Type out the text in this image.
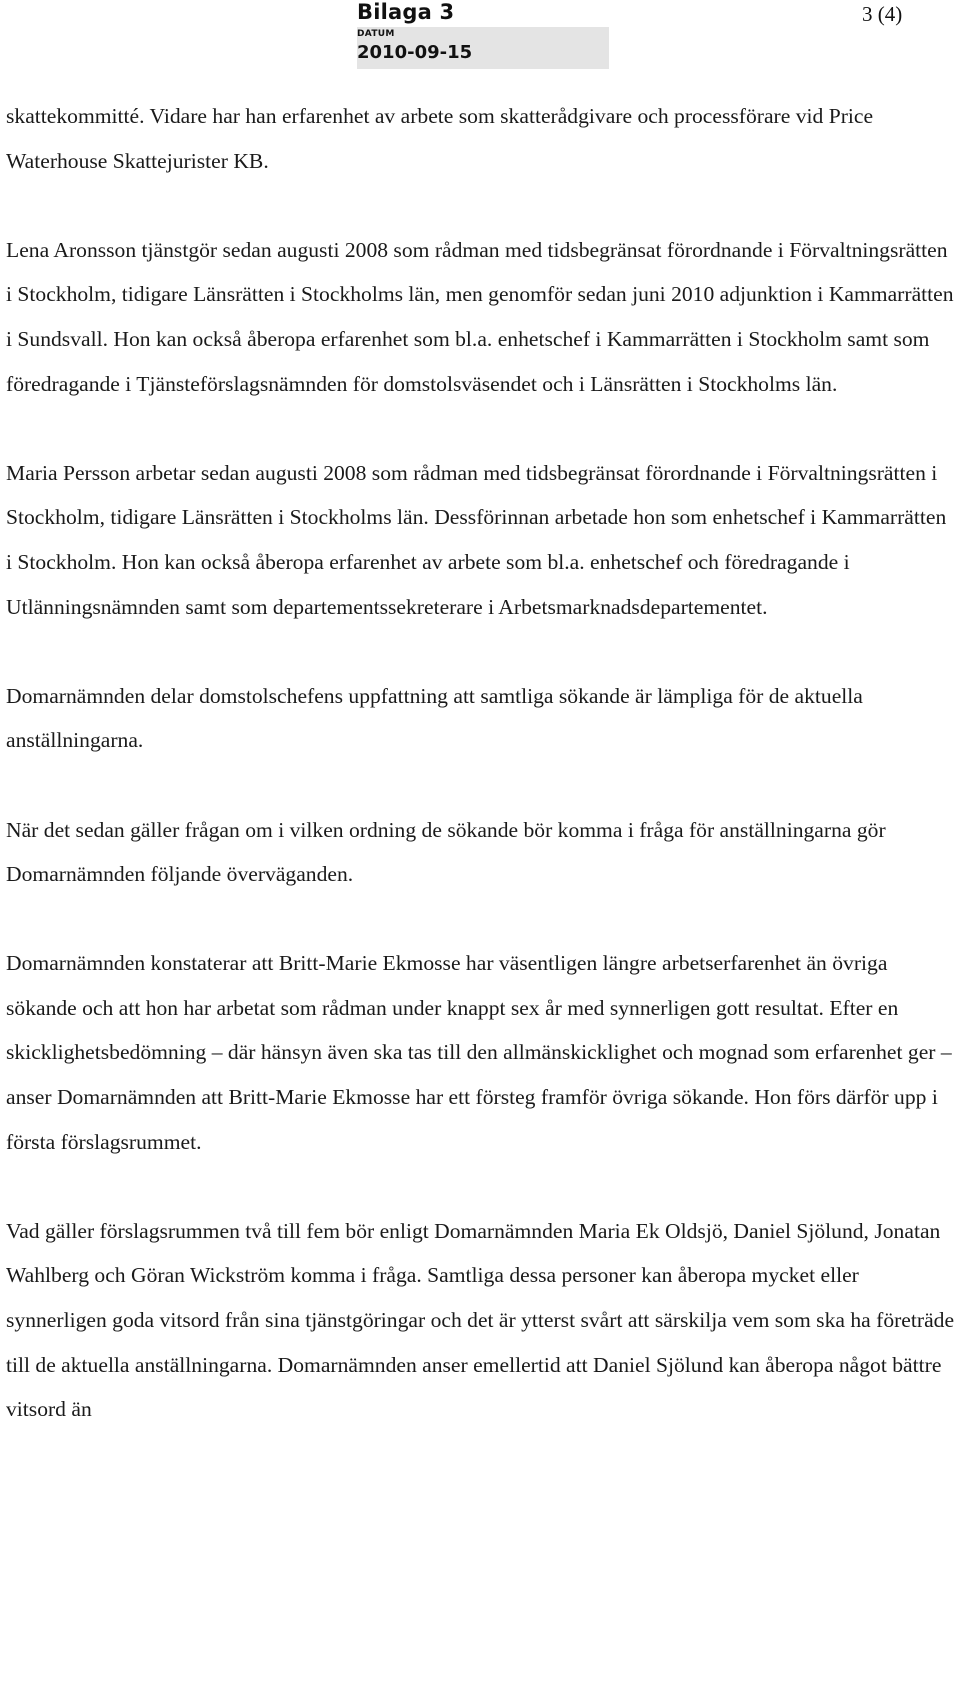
Bilaga 3	3 (4)
DATUM
2010-09-15

skattekommitté. Vidare har han erfarenhet av arbete som skatterådgivare och processförare vid Price Waterhouse Skattejurister KB.

Lena Aronsson tjänstgör sedan augusti 2008 som rådman med tidsbegränsat förordnande i Förvaltningsrätten i Stockholm, tidigare Länsrätten i Stockholms län, men genomför sedan juni 2010 adjunktion i Kammarrätten i Sundsvall. Hon kan också åberopa erfarenhet som bl.a. enhetschef i Kammarrätten i Stockholm samt som föredragande i Tjänsteförslagsnämnden för domstolsväsendet och i Länsrätten i Stockholms län.

Maria Persson arbetar sedan augusti 2008 som rådman med tidsbegränsat förordnande i Förvaltningsrätten i Stockholm, tidigare Länsrätten i Stockholms län. Dessförinnan arbetade hon som enhetschef i Kammarrätten i Stockholm. Hon kan också åberopa erfarenhet av arbete som bl.a. enhetschef och föredragande i Utlänningsnämnden samt som departementssekreterare i Arbetsmarknadsdepartementet.

Domarnämnden delar domstolschefens uppfattning att samtliga sökande är lämpliga för de aktuella anställningarna.

När det sedan gäller frågan om i vilken ordning de sökande bör komma i fråga för anställningarna gör Domarnämnden följande överväganden.

Domarnämnden konstaterar att Britt-Marie Ekmosse har väsentligen längre arbetserfarenhet än övriga sökande och att hon har arbetat som rådman under knappt sex år med synnerligen gott resultat. Efter en skicklighetsbedömning – där hänsyn även ska tas till den allmänskicklighet och mognad som erfarenhet ger – anser Domarnämnden att Britt-Marie Ekmosse har ett försteg framför övriga sökande. Hon förs därför upp i första förslagsrummet.

Vad gäller förslagsrummen två till fem bör enligt Domarnämnden Maria Ek Oldsjö, Daniel Sjölund, Jonatan Wahlberg och Göran Wickström komma i fråga. Samtliga dessa personer kan åberopa mycket eller synnerligen goda vitsord från sina tjänstgöringar och det är ytterst svårt att särskilja vem som ska ha företräde till de aktuella anställningarna. Domarnämnden anser emellertid att Daniel Sjölund kan åberopa något bättre vitsord än
